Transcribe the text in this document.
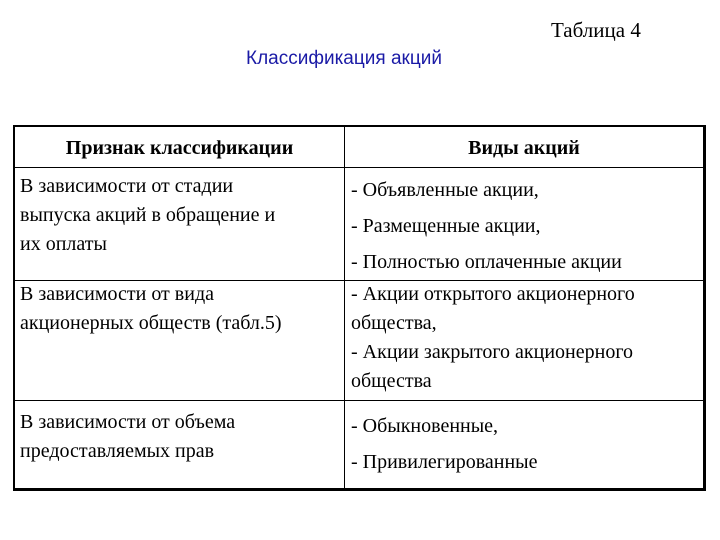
Таблица 4
Классификация акций
Признак классификации	Виды акций
В зависимости от стадии
выпуска акций в обращение и
их оплаты
- Объявленные акции,
- Размещенные акции,
- Полностью оплаченные акции
В зависимости от вида
акционерных обществ (табл.5)
- Акции открытого акционерного
общества,
- Акции закрытого акционерного
общества
В зависимости от объема
предоставляемых прав
- Обыкновенные,
- Привилегированные
